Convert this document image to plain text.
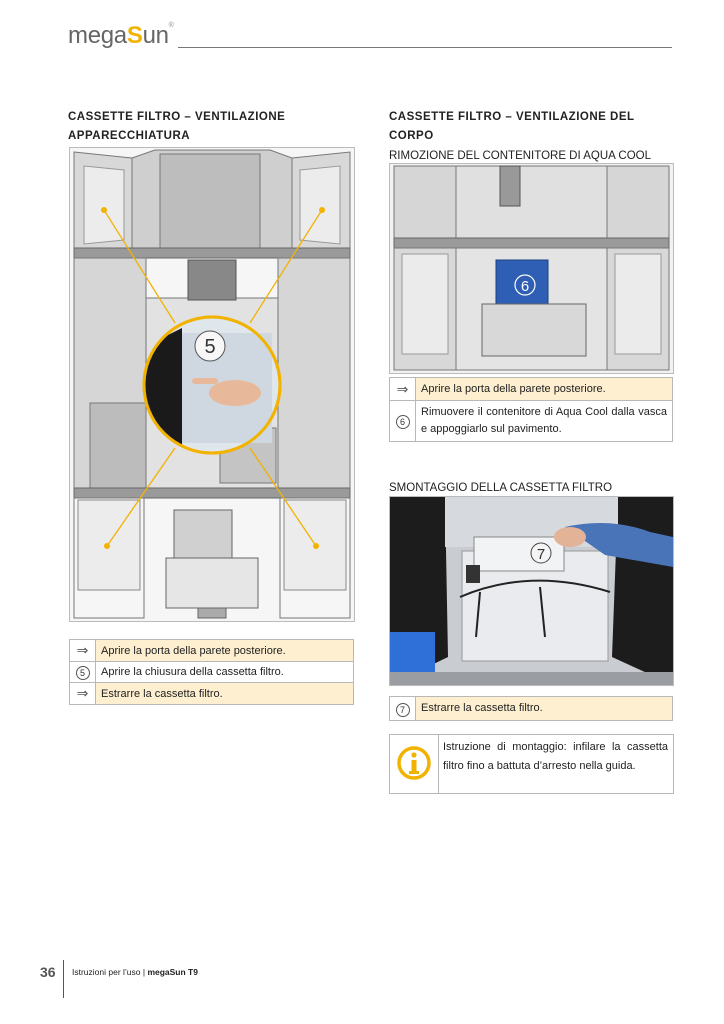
megaSun®
CASSETTE FILTRO – VENTILAZIONE
APPARECCHIATURA
5
⇒	Aprire la porta della parete posteriore.
5	Aprire la chiusura della cassetta filtro.
⇒	Estrarre la cassetta filtro.
CASSETTE FILTRO – VENTILAZIONE DEL
CORPO
RIMOZIONE DEL CONTENITORE DI AQUA COOL
6
⇒	Aprire la porta della parete posteriore.
6	Rimuovere il contenitore di Aqua Cool dalla vasca e appoggiarlo sul pavimento.
SMONTAGGIO DELLA CASSETTA FILTRO
7
7	Estrarre la cassetta filtro.
Istruzione di montaggio: infilare la cassetta filtro fino a battuta d’arresto nella guida.
36 Istruzioni per l’uso | megaSun T9
